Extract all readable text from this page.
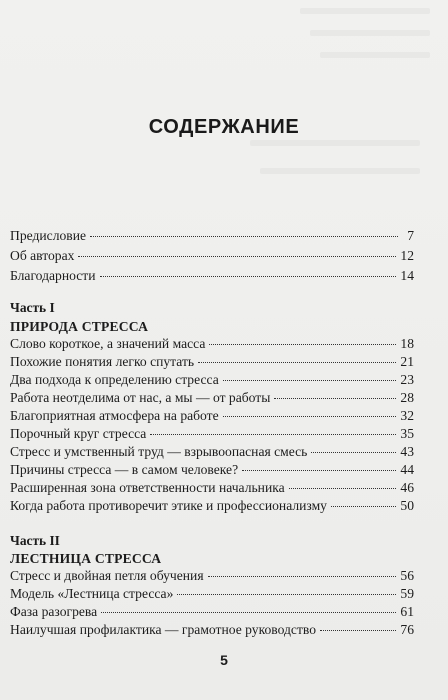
СОДЕРЖАНИЕ
Предисловие	7
Об авторах	12
Благодарности	14
Часть I
ПРИРОДА СТРЕССА
Слово короткое, а значений масса	18
Похожие понятия легко спутать	21
Два подхода к определению стресса	23
Работа неотделима от нас, а мы — от работы	28
Благоприятная атмосфера на работе	32
Порочный круг стресса	35
Стресс и умственный труд — взрывоопасная смесь	43
Причины стресса — в самом человеке?	44
Расширенная зона ответственности начальника	46
Когда работа противоречит этике и профессионализму	50
Часть II
ЛЕСТНИЦА СТРЕССА
Стресс и двойная петля обучения	56
Модель «Лестница стресса»	59
Фаза разогрева	61
Наилучшая профилактика — грамотное руководство	76
5
